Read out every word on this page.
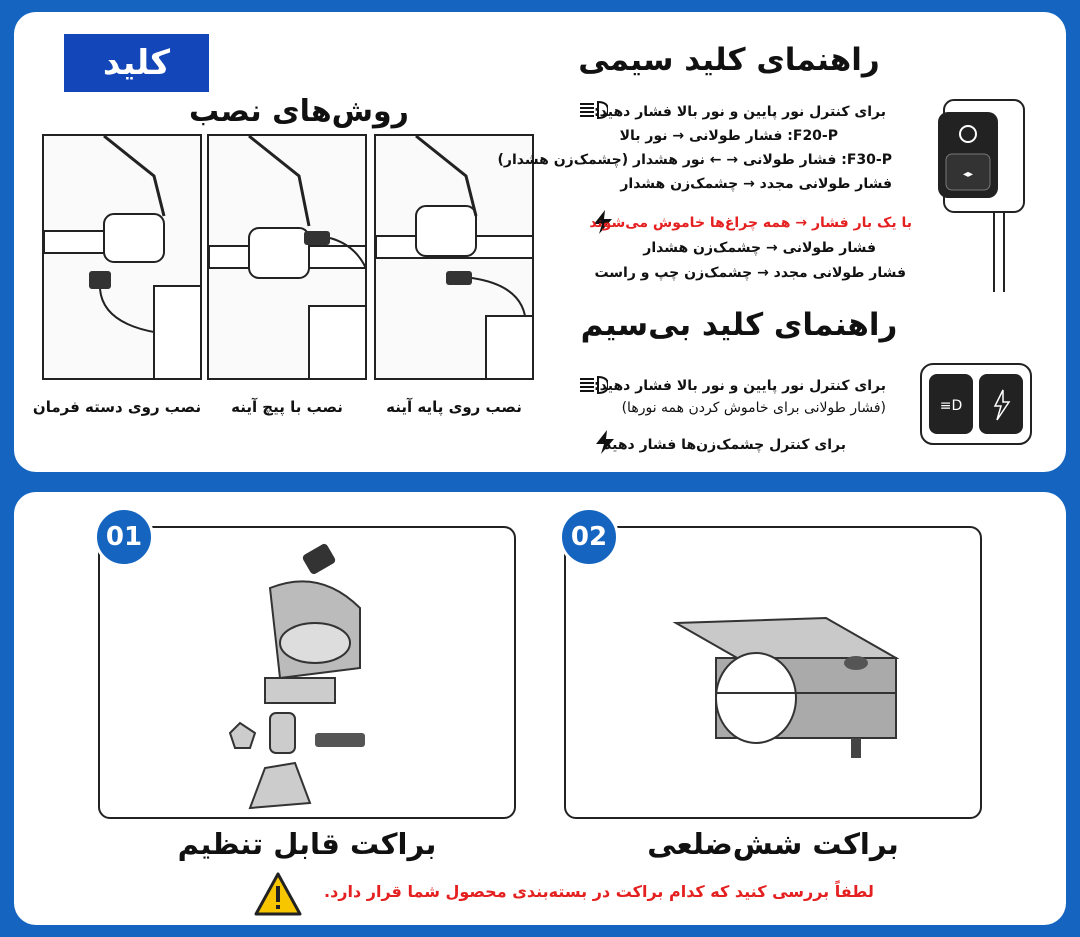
کلید
روش‌های نصب
نصب روی دسته فرمان	نصب با پیچ آینه	نصب روی پایه آینه
راهنمای کلید سیمی
برای کنترل نور پایین و نور بالا فشار دهید:
F20-P: فشار طولانی → نور بالا
F30-P: فشار طولانی → ← نور هشدار (چشمک‌زن هشدار)
فشار طولانی مجدد → چشمک‌زن هشدار
با یک بار فشار → همه چراغ‌ها خاموش می‌شوند
فشار طولانی → چشمک‌زن هشدار
فشار طولانی مجدد → چشمک‌زن چپ و راست
◂▸
راهنمای کلید بی‌سیم
برای کنترل نور پایین و نور بالا فشار دهید:
(فشار طولانی برای خاموش کردن همه نورها)
برای کنترل چشمک‌زن‌ها فشار دهید
≡D
01	02
براکت قابل تنظیم	براکت شش‌ضلعی
لطفاً بررسی کنید که کدام براکت در بسته‌بندی محصول شما قرار دارد.
